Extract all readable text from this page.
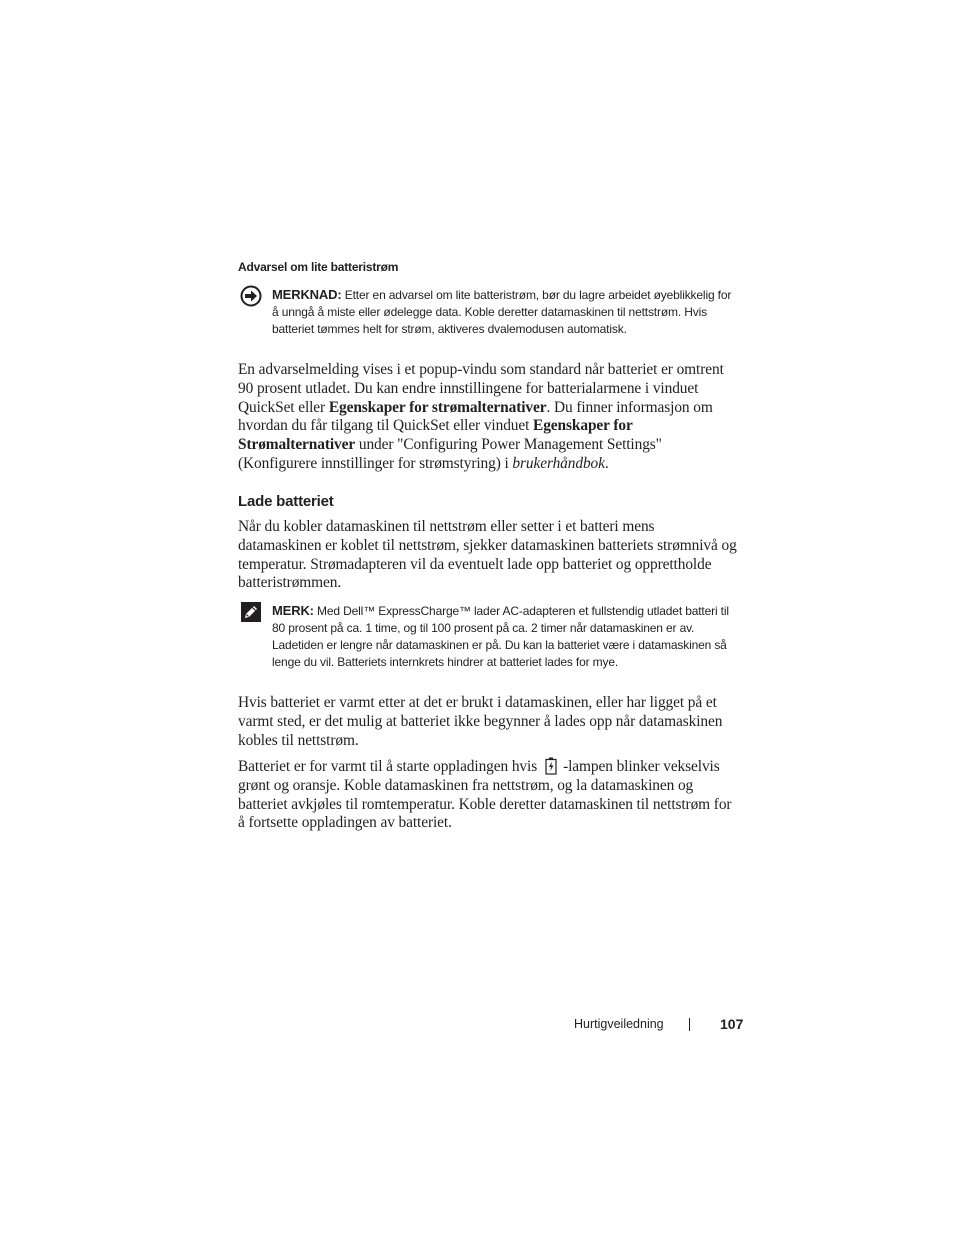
Advarsel om lite batteristrøm

MERKNAD: Etter en advarsel om lite batteristrøm, bør du lagre arbeidet øyeblikkelig for å unngå å miste eller ødelegge data. Koble deretter datamaskinen til nettstrøm. Hvis batteriet tømmes helt for strøm, aktiveres dvalemodusen automatisk.

En advarselmelding vises i et popup-vindu som standard når batteriet er omtrent 90 prosent utladet. Du kan endre innstillingene for batterialarmene i vinduet QuickSet eller Egenskaper for strømalternativer. Du finner informasjon om hvordan du får tilgang til QuickSet eller vinduet Egenskaper for Strømalternativer under "Configuring Power Management Settings" (Konfigurere innstillinger for strømstyring) i brukerhåndbok.

Lade batteriet

Når du kobler datamaskinen til nettstrøm eller setter i et batteri mens datamaskinen er koblet til nettstrøm, sjekker datamaskinen batteriets strømnivå og temperatur. Strømadapteren vil da eventuelt lade opp batteriet og opprettholde batteristrømmen.

MERK: Med Dell™ ExpressCharge™ lader AC-adapteren et fullstendig utladet batteri til 80 prosent på ca. 1 time, og til 100 prosent på ca. 2 timer når datamaskinen er av. Ladetiden er lengre når datamaskinen er på. Du kan la batteriet være i datamaskinen så lenge du vil. Batteriets internkrets hindrer at batteriet lades for mye.

Hvis batteriet er varmt etter at det er brukt i datamaskinen, eller har ligget på et varmt sted, er det mulig at batteriet ikke begynner å lades opp når datamaskinen kobles til nettstrøm.

Batteriet er for varmt til å starte oppladingen hvis -lampen blinker vekselvis grønt og oransje. Koble datamaskinen fra nettstrøm, og la datamaskinen og batteriet avkjøles til romtemperatur. Koble deretter datamaskinen til nettstrøm for å fortsette oppladingen av batteriet.

Hurtigveiledning	107
